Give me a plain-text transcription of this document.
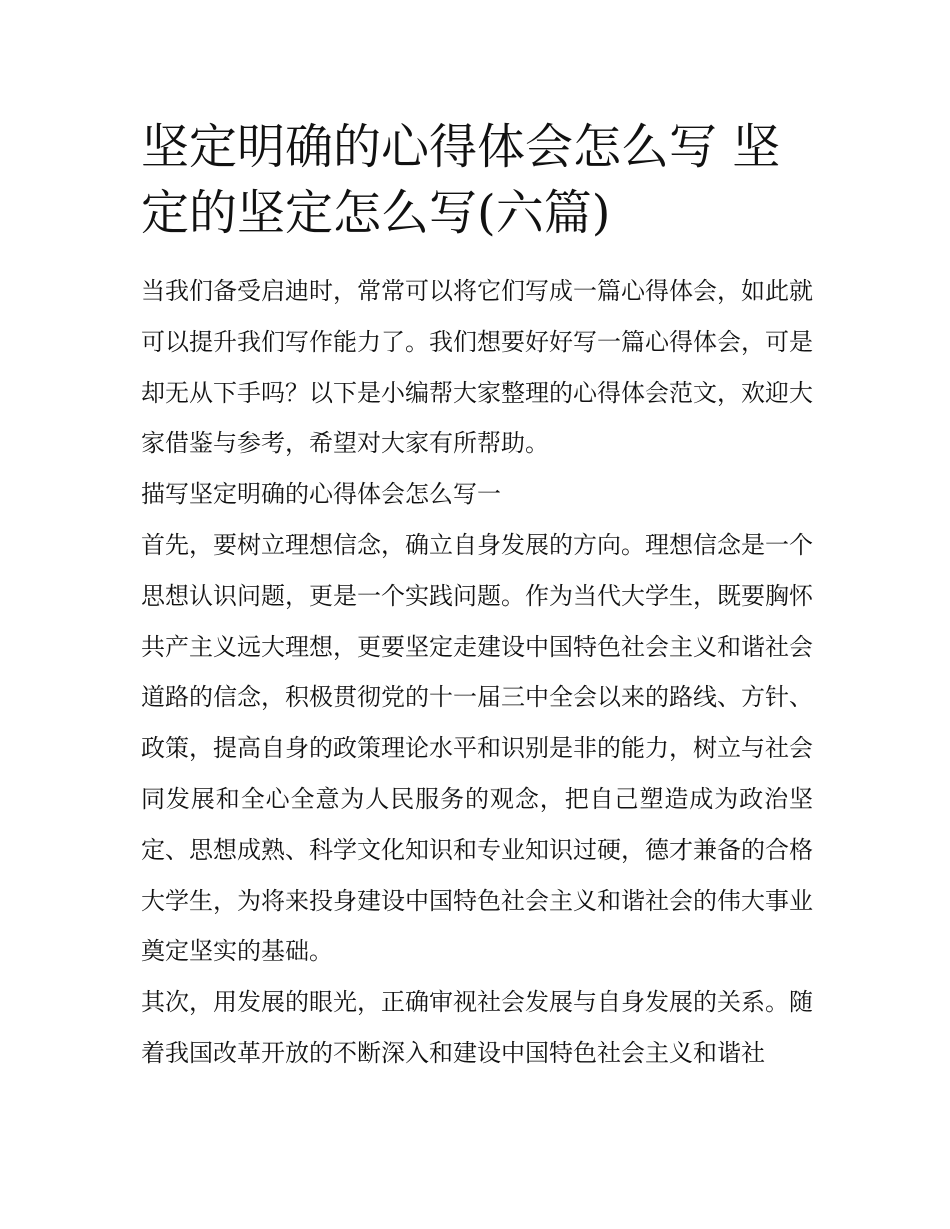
坚定明确的心得体会怎么写 坚定的坚定怎么写(六篇)

当我们备受启迪时，常常可以将它们写成一篇心得体会，如此就可以提升我们写作能力了。我们想要好好写一篇心得体会，可是却无从下手吗？以下是小编帮大家整理的心得体会范文，欢迎大家借鉴与参考，希望对大家有所帮助。

描写坚定明确的心得体会怎么写一

首先，要树立理想信念，确立自身发展的方向。理想信念是一个思想认识问题，更是一个实践问题。作为当代大学生，既要胸怀共产主义远大理想，更要坚定走建设中国特色社会主义和谐社会道路的信念，积极贯彻党的十一届三中全会以来的路线、方针、政策，提高自身的政策理论水平和识别是非的能力，树立与社会同发展和全心全意为人民服务的观念，把自己塑造成为政治坚定、思想成熟、科学文化知识和专业知识过硬，德才兼备的合格大学生，为将来投身建设中国特色社会主义和谐社会的伟大事业奠定坚实的基础。

其次，用发展的眼光，正确审视社会发展与自身发展的关系。随着我国改革开放的不断深入和建设中国特色社会主义和谐社
